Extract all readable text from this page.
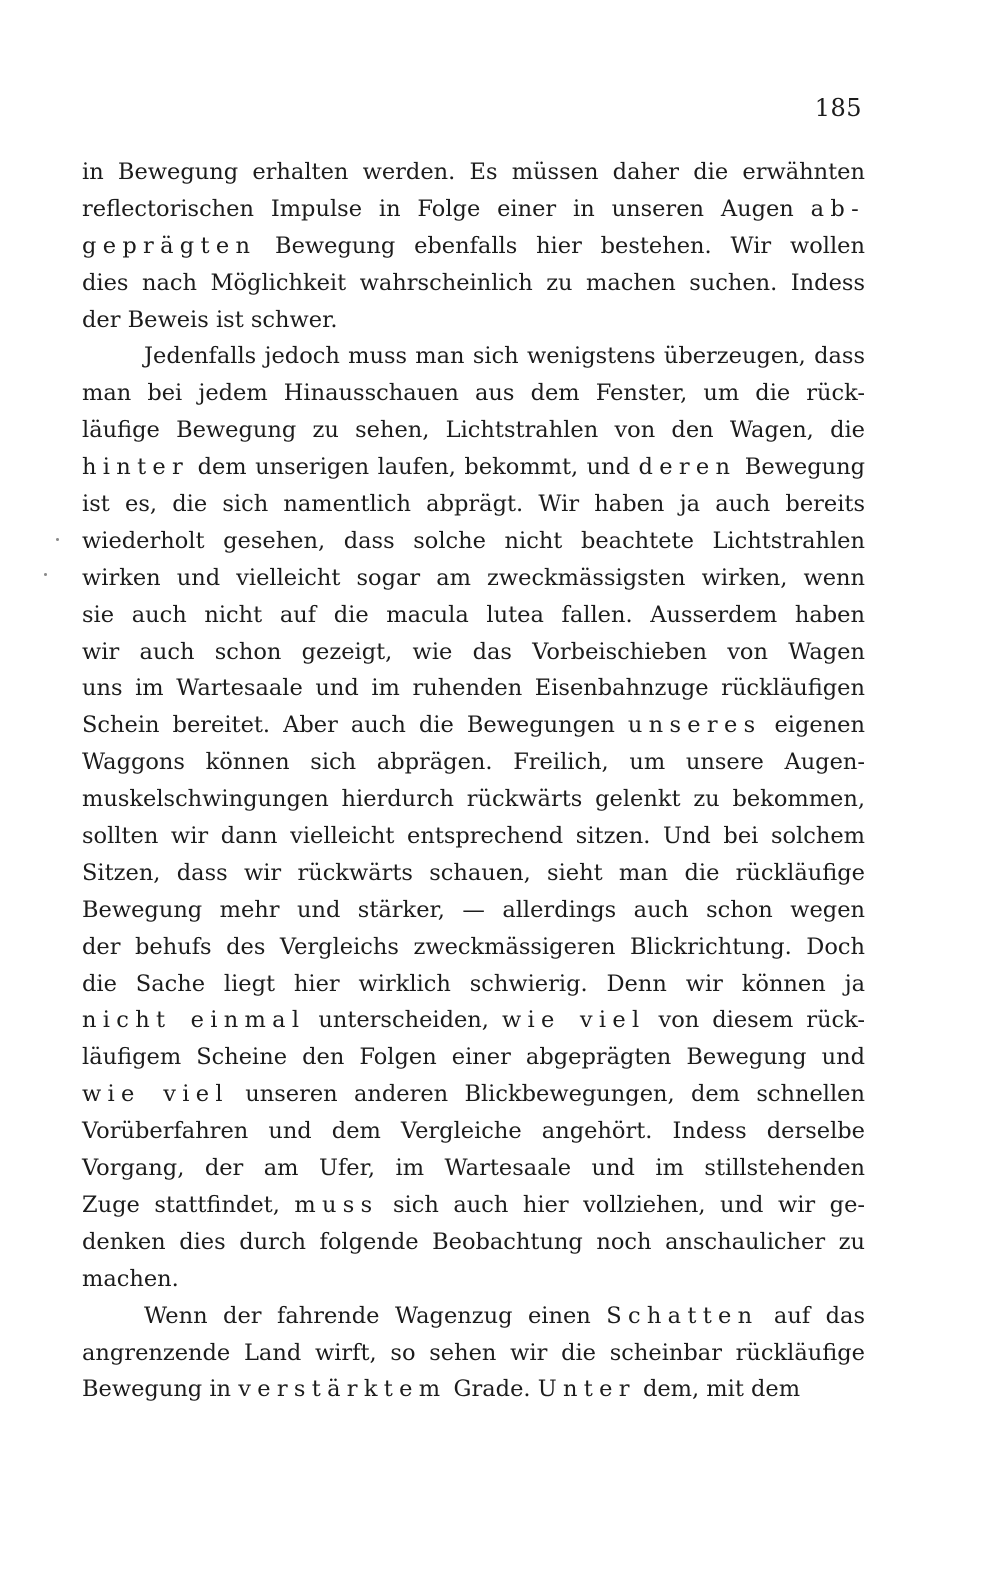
185
in Bewegung erhalten werden. Es müssen daher die erwähnten
reflectorischen Impulse in Folge einer in unseren Augen ab-
geprägten Bewegung ebenfalls hier bestehen. Wir wollen
dies nach Möglichkeit wahrscheinlich zu machen suchen. Indess
der Beweis ist schwer.
Jedenfalls jedoch muss man sich wenigstens überzeugen, dass
man bei jedem Hinausschauen aus dem Fenster, um die rück-
läufige Bewegung zu sehen, Lichtstrahlen von den Wagen, die
hinter dem unserigen laufen, bekommt, und deren Bewegung
ist es, die sich namentlich abprägt. Wir haben ja auch bereits
wiederholt gesehen, dass solche nicht beachtete Lichtstrahlen
wirken und vielleicht sogar am zweckmässigsten wirken, wenn
sie auch nicht auf die macula lutea fallen. Ausserdem haben
wir auch schon gezeigt, wie das Vorbeischieben von Wagen
uns im Wartesaale und im ruhenden Eisenbahnzuge rückläufigen
Schein bereitet. Aber auch die Bewegungen unseres eigenen
Waggons können sich abprägen. Freilich, um unsere Augen-
muskelschwingungen hierdurch rückwärts gelenkt zu bekommen,
sollten wir dann vielleicht entsprechend sitzen. Und bei solchem
Sitzen, dass wir rückwärts schauen, sieht man die rückläufige
Bewegung mehr und stärker, — allerdings auch schon wegen
der behufs des Vergleichs zweckmässigeren Blickrichtung. Doch
die Sache liegt hier wirklich schwierig. Denn wir können ja
nicht einmal unterscheiden, wie viel von diesem rück-
läufigem Scheine den Folgen einer abgeprägten Bewegung und
wie viel unseren anderen Blickbewegungen, dem schnellen
Vorüberfahren und dem Vergleiche angehört. Indess derselbe
Vorgang, der am Ufer, im Wartesaale und im stillstehenden
Zuge stattfindet, muss sich auch hier vollziehen, und wir ge-
denken dies durch folgende Beobachtung noch anschaulicher zu
machen.
Wenn der fahrende Wagenzug einen Schatten auf das
angrenzende Land wirft, so sehen wir die scheinbar rückläufige
Bewegung in verstärktem Grade. Unter dem, mit dem
